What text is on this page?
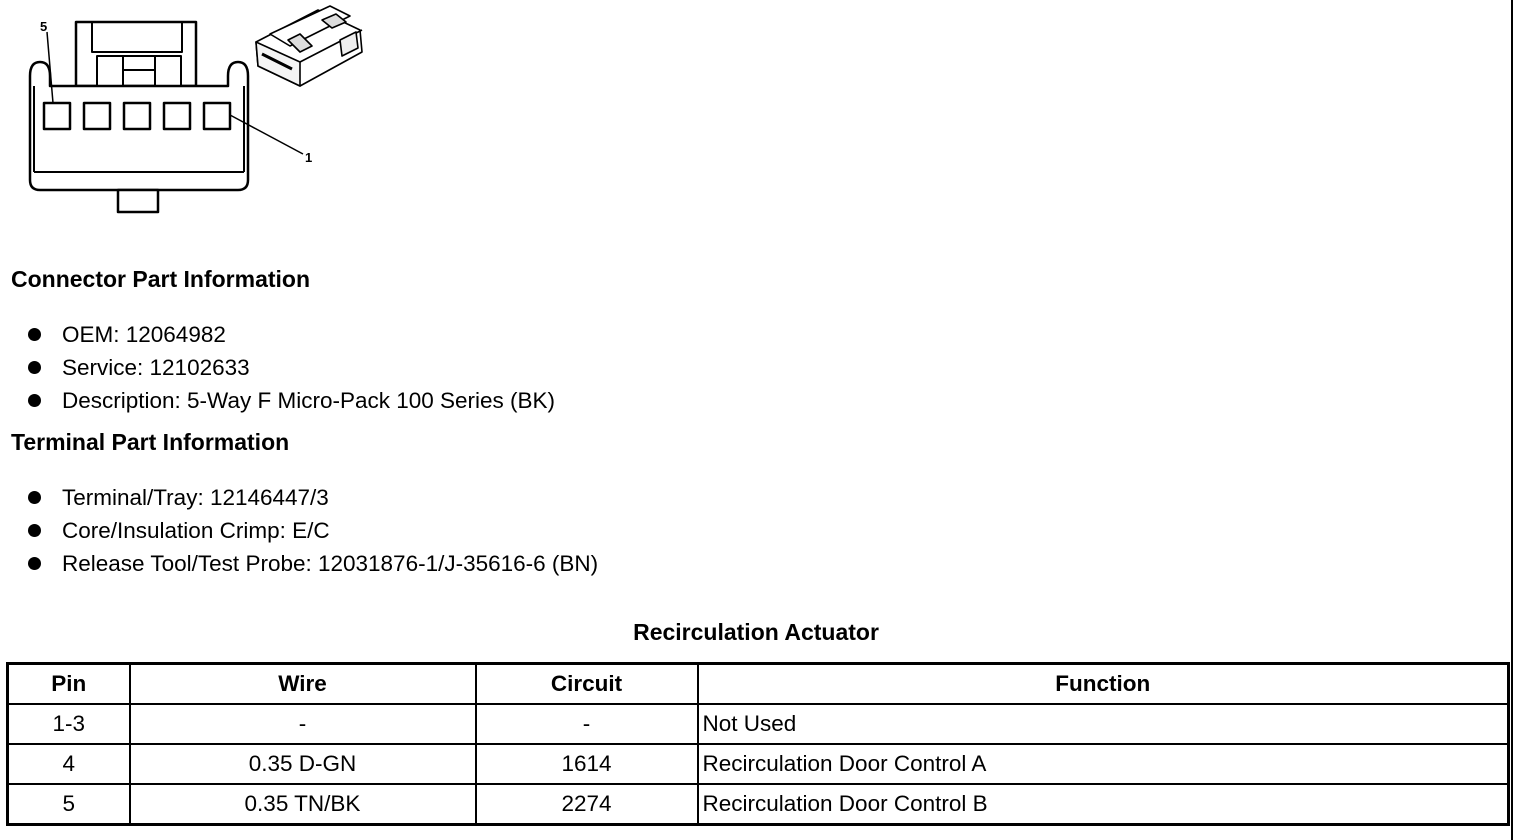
5
1
Connector Part Information
OEM: 12064982
Service: 12102633
Description: 5-Way F Micro-Pack 100 Series (BK)
Terminal Part Information
Terminal/Tray: 12146447/3
Core/Insulation Crimp: E/C
Release Tool/Test Probe: 12031876-1/J-35616-6 (BN)
Recirculation Actuator
Pin	Wire	Circuit	Function
1-3	-	-	Not Used
4	0.35 D-GN	1614	Recirculation Door Control A
5	0.35 TN/BK	2274	Recirculation Door Control B
